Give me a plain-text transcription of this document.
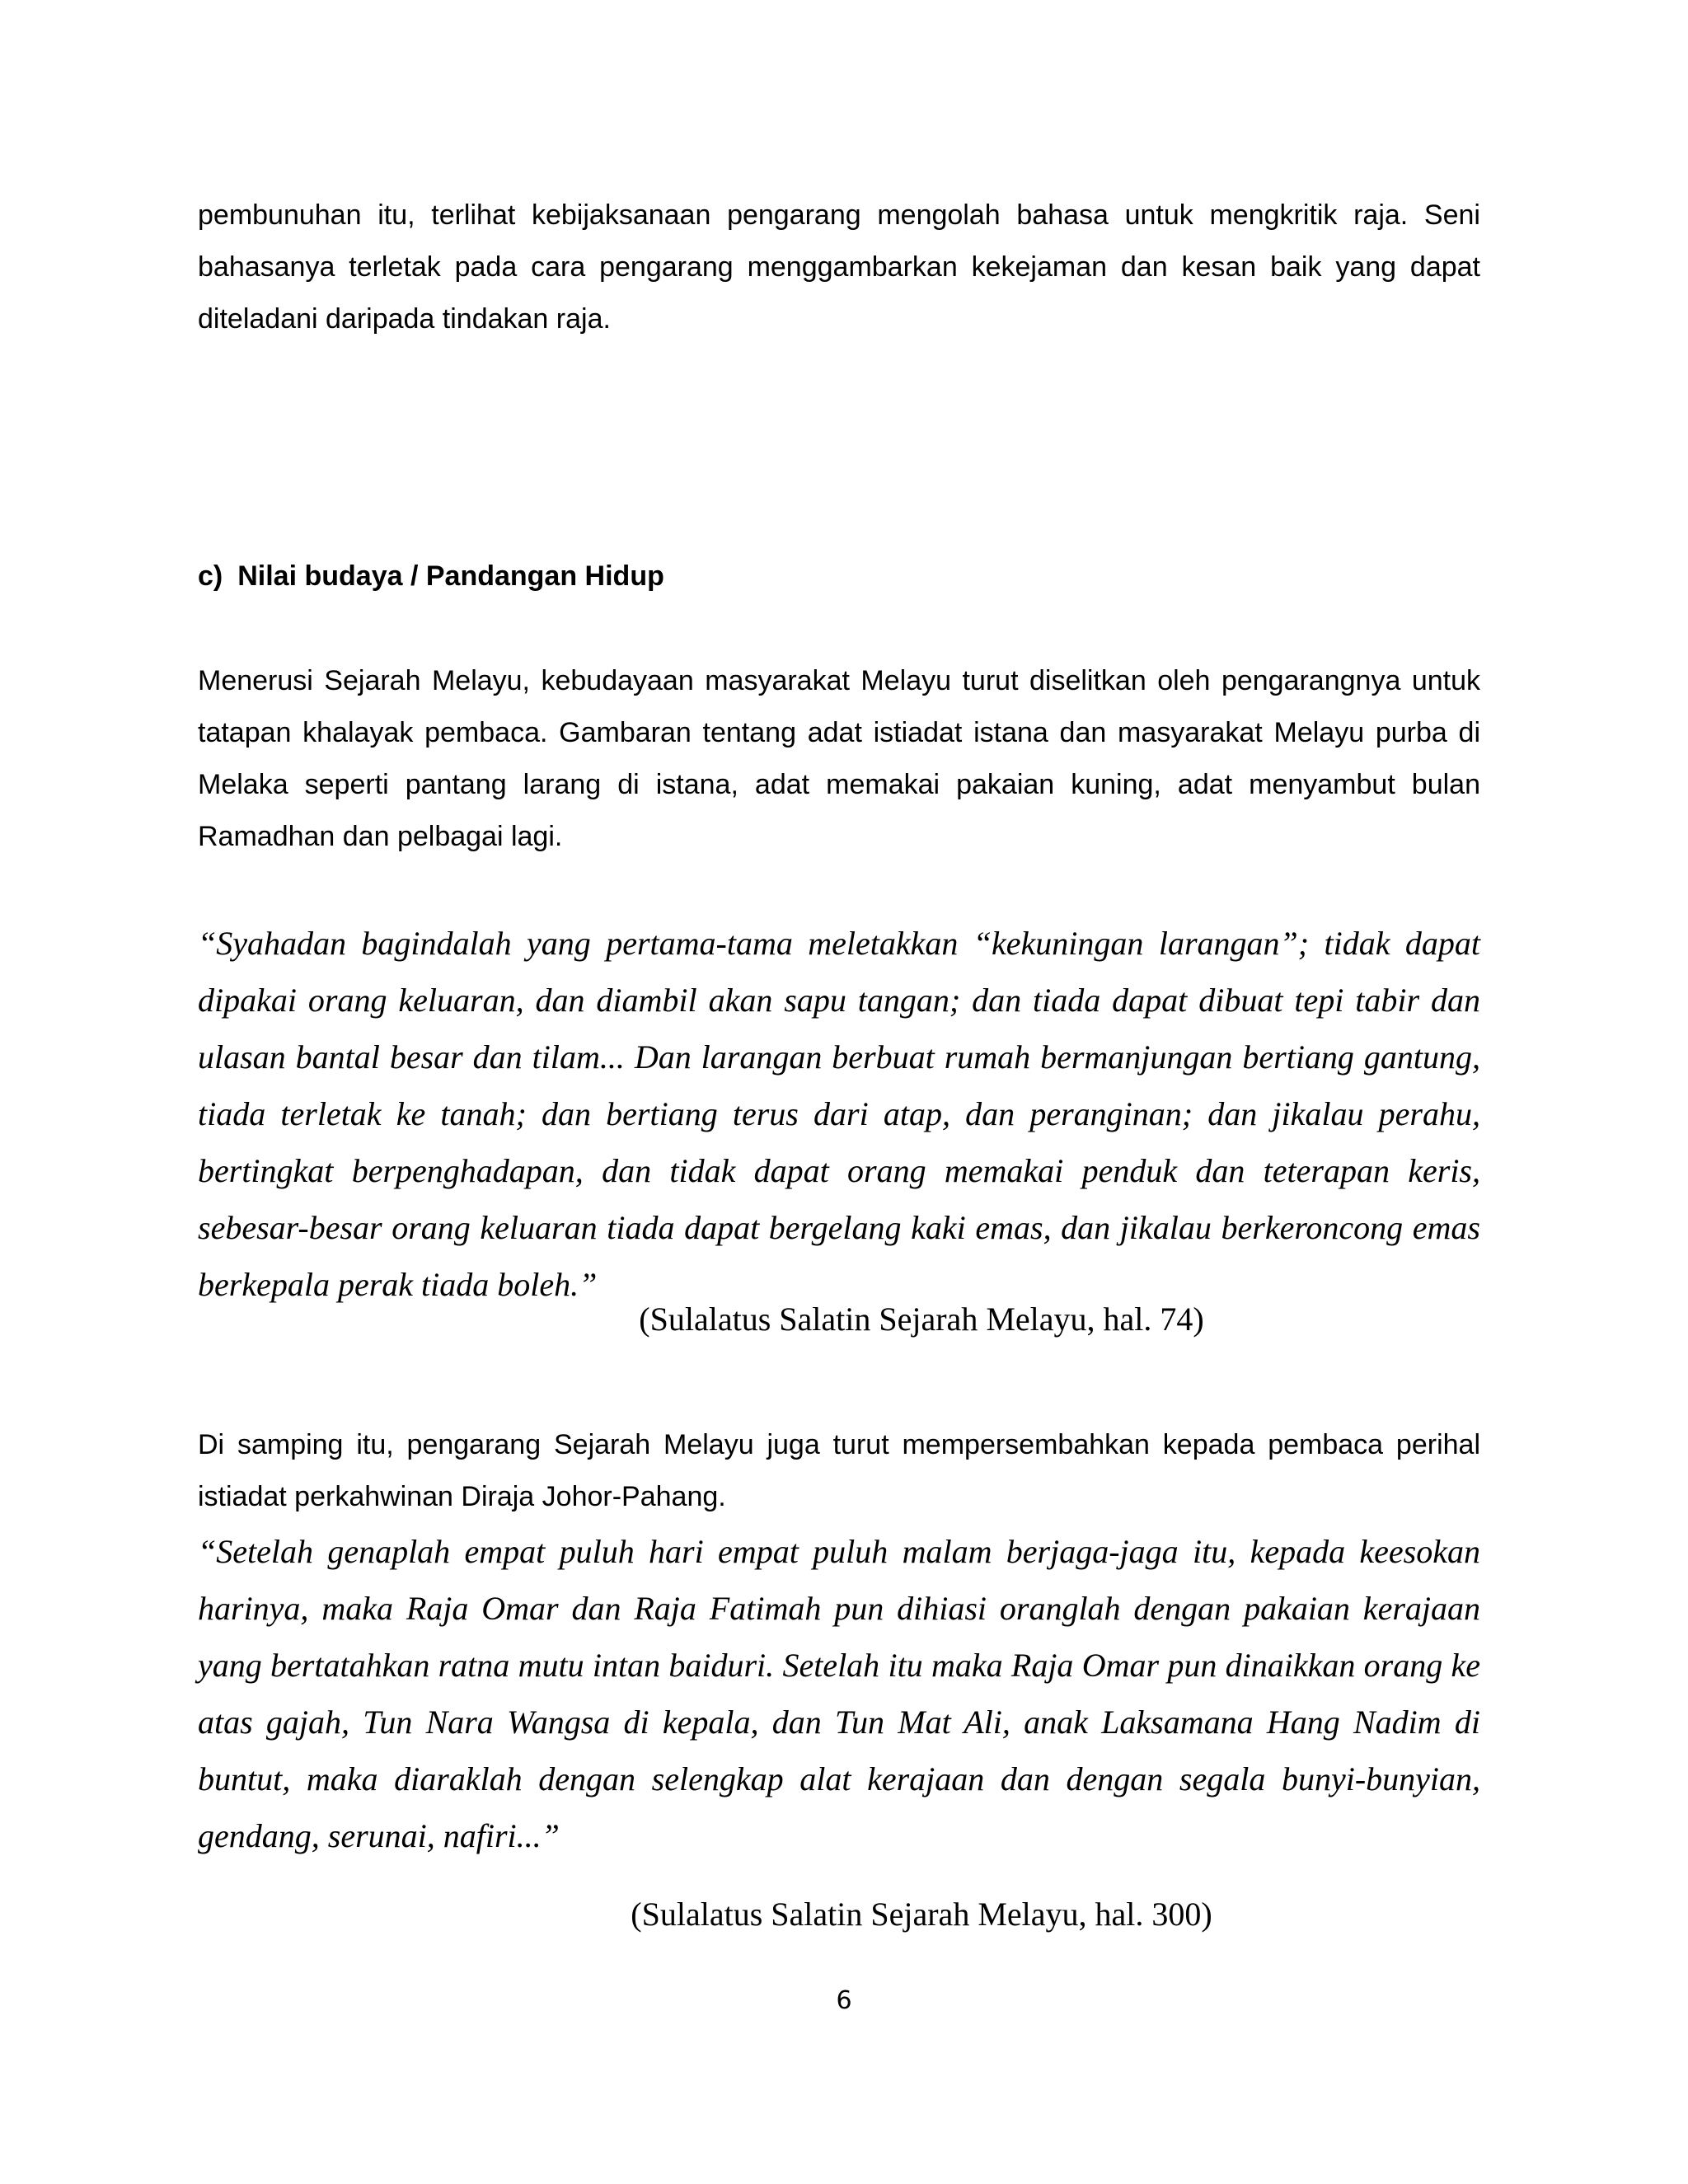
pembunuhan itu, terlihat kebijaksanaan pengarang mengolah bahasa untuk mengkritik raja. Seni bahasanya terletak pada cara pengarang menggambarkan kekejaman dan kesan baik yang dapat diteladani daripada tindakan raja.

c) Nilai budaya / Pandangan Hidup

Menerusi Sejarah Melayu, kebudayaan masyarakat Melayu turut diselitkan oleh pengarangnya untuk tatapan khalayak pembaca. Gambaran tentang adat istiadat istana dan masyarakat Melayu purba di Melaka seperti pantang larang di istana, adat memakai pakaian kuning, adat menyambut bulan Ramadhan dan pelbagai lagi.

“Syahadan bagindalah yang pertama-tama meletakkan “kekuningan larangan”; tidak dapat dipakai orang keluaran, dan diambil akan sapu tangan; dan tiada dapat dibuat tepi tabir dan ulasan bantal besar dan tilam... Dan larangan berbuat rumah bermanjungan bertiang gantung, tiada terletak ke tanah; dan bertiang terus dari atap, dan peranginan; dan jikalau perahu, bertingkat berpenghadapan, dan tidak dapat orang memakai penduk dan teterapan keris, sebesar-besar orang keluaran tiada dapat bergelang kaki emas, dan jikalau berkeroncong emas berkepala perak tiada boleh.”

(Sulalatus Salatin Sejarah Melayu, hal. 74)

Di samping itu, pengarang Sejarah Melayu juga turut mempersembahkan kepada pembaca perihal istiadat perkahwinan Diraja Johor-Pahang.

“Setelah genaplah empat puluh hari empat puluh malam berjaga-jaga itu, kepada keesokan harinya, maka Raja Omar dan Raja Fatimah pun dihiasi oranglah dengan pakaian kerajaan yang bertatahkan ratna mutu intan baiduri. Setelah itu maka Raja Omar pun dinaikkan orang ke atas gajah, Tun Nara Wangsa di kepala, dan Tun Mat Ali, anak Laksamana Hang Nadim di buntut, maka diaraklah dengan selengkap alat kerajaan dan dengan segala bunyi-bunyian, gendang, serunai, nafiri...”

(Sulalatus Salatin Sejarah Melayu, hal. 300)

6
